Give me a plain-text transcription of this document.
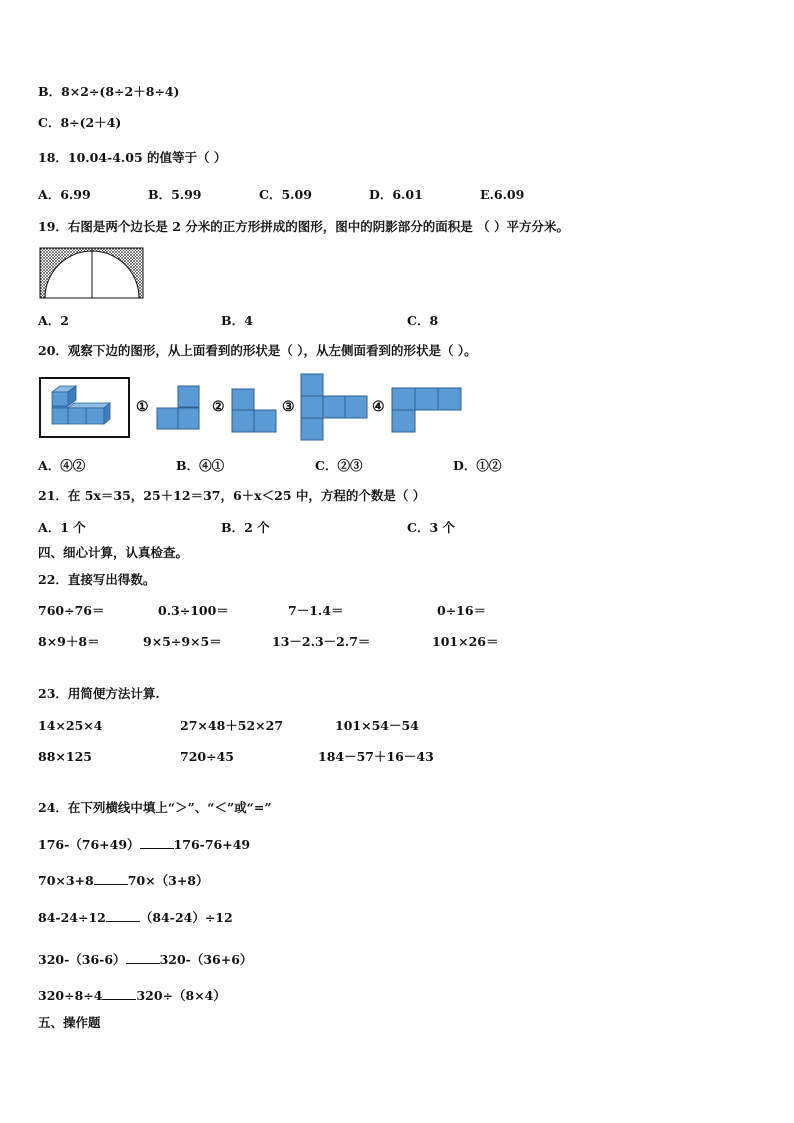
B．8×2÷(8÷2＋8÷4)
C．8÷(2＋4)
18．10.04-4.05 的值等于（ ）
A．6.99	B．5.99	C．5.09	D．6.01	E.6.09
19．右图是两个边长是 2 分米的正方形拼成的图形，图中的阴影部分的面积是 （ ）平方分米。
A．2	B．4	C．8
20．观察下边的图形，从上面看到的形状是（ ），从左侧面看到的形状是（ ）。
①	②	③	④
A．④②	B．④①	C．②③	D．①②
21．在 5x＝35，25＋12＝37，6＋x＜25 中，方程的个数是（ ）
A．1 个	B．2 个	C．3 个
四、细心计算，认真检查。
22．直接写出得数。
760÷76＝	0.3÷100＝	7－1.4＝	0÷16＝
8×9＋8＝	9×5÷9×5＝	13－2.3－2.7＝	101×26＝
23．用简便方法计算.
14×25×4	27×48＋52×27	101×54－54
88×125	720÷45	184－57＋16－43
24．在下列横线中填上“＞”、“＜”或“=”
176-（76+49）	176-76+49
70×3+8	70×（3+8）
84-24÷12	（84-24）÷12
320-（36-6）	320-（36+6）
320÷8÷4	320÷（8×4）
五、操作题
